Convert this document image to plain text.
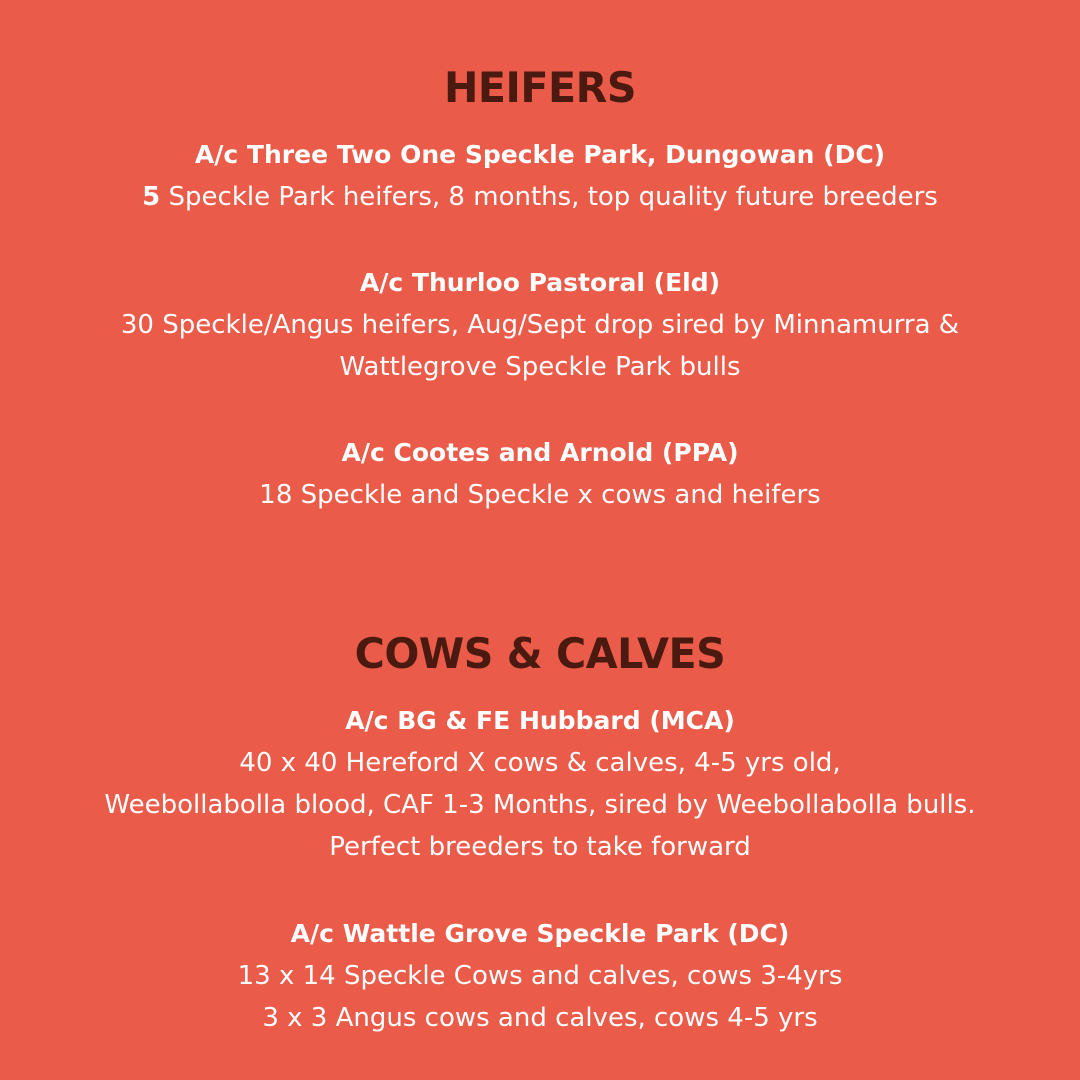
HEIFERS
A/c Three Two One Speckle Park, Dungowan (DC)
5 Speckle Park heifers, 8 months, top quality future breeders
A/c Thurloo Pastoral (Eld)
30 Speckle/Angus heifers, Aug/Sept drop sired by Minnamurra &
Wattlegrove Speckle Park bulls
A/c Cootes and Arnold (PPA)
18 Speckle and Speckle x cows and heifers
COWS & CALVES
A/c BG & FE Hubbard (MCA)
40 x 40 Hereford X cows & calves, 4-5 yrs old,
Weebollabolla blood, CAF 1-3 Months, sired by Weebollabolla bulls.
Perfect breeders to take forward
A/c Wattle Grove Speckle Park (DC)
13 x 14 Speckle Cows and calves, cows 3-4yrs
3 x 3 Angus cows and calves, cows 4-5 yrs
